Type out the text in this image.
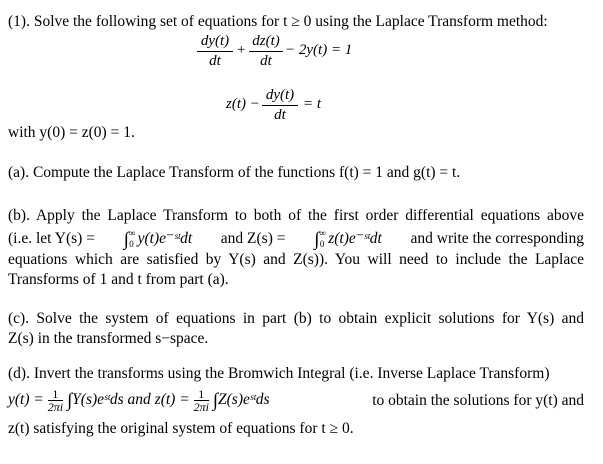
(1). Solve the following set of equations for t ≥ 0 using the Laplace Transform method:
dy(t)
dt
+
dz(t)
dt
− 2y(t) = 1
z(t) −
dy(t)
dt
= t
with y(0) = z(0) = 1.
(a). Compute the Laplace Transform of the functions f(t) = 1 and g(t) = t.
(b). Apply the Laplace Transform to both of the first order differential equations above
(i.e. let $Y(s) = \int^\infty_0$ y(t)e⁻ˢᵗdt and $Z(s) = \int^\infty_0$ z(t)e⁻ˢᵗdt and write the corresponding
equations which are satisfied by Y(s) and Z(s)). You will need to include the Laplace
Transforms of 1 and t from part (a).
(c). Solve the system of equations in part (b) to obtain explicit solutions for Y(s) and
Z(s) in the transformed s−space.
(d). Invert the transforms using the Bromwich Integral (i.e. Inverse Laplace Transform)
$y(t) = \frac{1}{2\pi i}$ ∫Y(s)eˢᵗds and $z(t) = \frac{1}{2\pi i}$ ∫Z(s)eˢᵗds	to obtain the solutions for y(t) and
z(t) satisfying the original system of equations for t ≥ 0.
